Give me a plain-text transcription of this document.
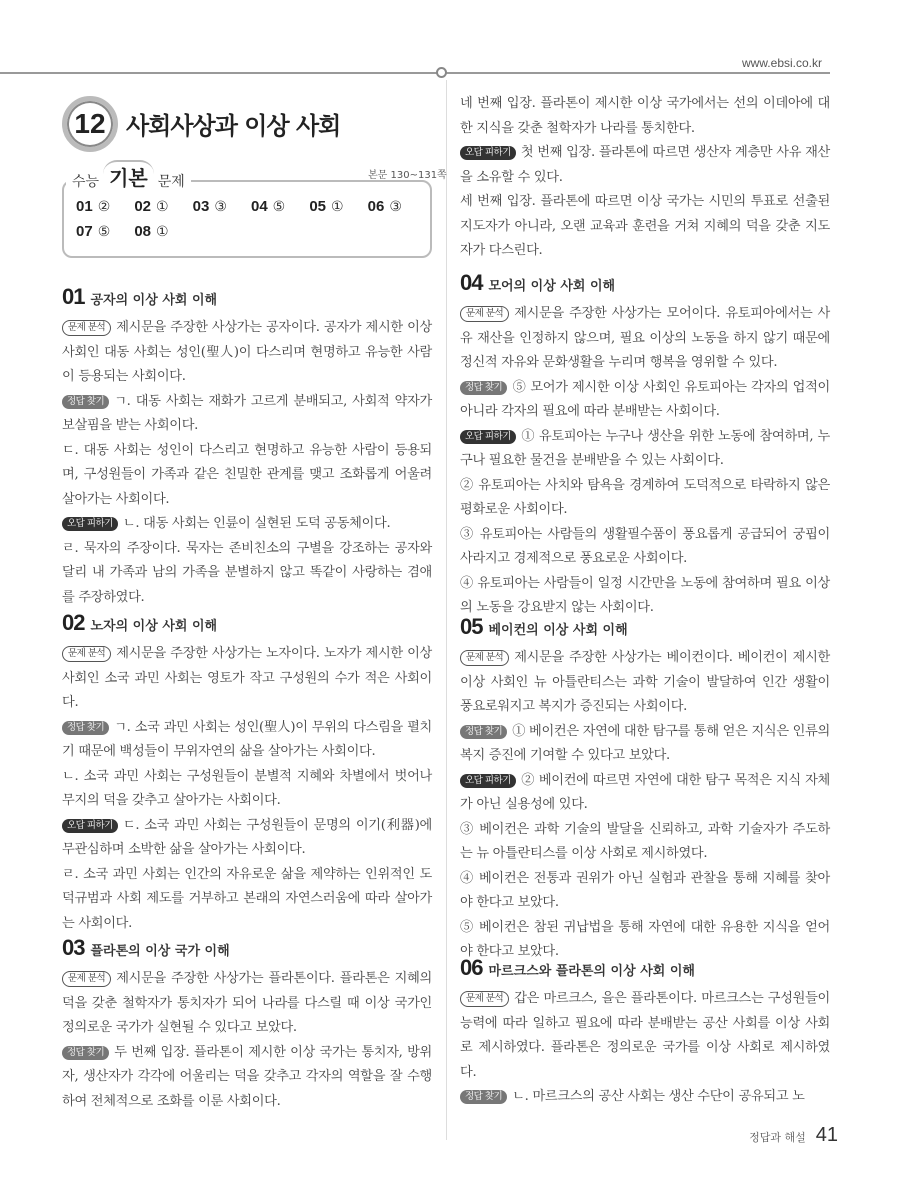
www.ebsi.co.kr
12 사회사상과 이상 사회
수능 기본 문제	본문 130~131쪽
01 ②	02 ①	03 ③	04 ⑤	05 ①	06 ③
07 ⑤	08 ①
01 공자의 이상 사회 이해
문제 분석 제시문을 주장한 사상가는 공자이다. 공자가 제시한 이상 사회인 대동 사회는 성인(聖人)이 다스리며 현명하고 유능한 사람이 등용되는 사회이다.
정답 찾기 ㄱ. 대동 사회는 재화가 고르게 분배되고, 사회적 약자가 보살핌을 받는 사회이다.
ㄷ. 대동 사회는 성인이 다스리고 현명하고 유능한 사람이 등용되며, 구성원들이 가족과 같은 친밀한 관계를 맺고 조화롭게 어울려 살아가는 사회이다.
오답 피하기 ㄴ. 대동 사회는 인륜이 실현된 도덕 공동체이다.
ㄹ. 묵자의 주장이다. 묵자는 존비친소의 구별을 강조하는 공자와 달리 내 가족과 남의 가족을 분별하지 않고 똑같이 사랑하는 겸애를 주장하였다.
02 노자의 이상 사회 이해
문제 분석 제시문을 주장한 사상가는 노자이다. 노자가 제시한 이상 사회인 소국 과민 사회는 영토가 작고 구성원의 수가 적은 사회이다.
정답 찾기 ㄱ. 소국 과민 사회는 성인(聖人)이 무위의 다스림을 펼치기 때문에 백성들이 무위자연의 삶을 살아가는 사회이다.
ㄴ. 소국 과민 사회는 구성원들이 분별적 지혜와 차별에서 벗어나 무지의 덕을 갖추고 살아가는 사회이다.
오답 피하기 ㄷ. 소국 과민 사회는 구성원들이 문명의 이기(利器)에 무관심하며 소박한 삶을 살아가는 사회이다.
ㄹ. 소국 과민 사회는 인간의 자유로운 삶을 제약하는 인위적인 도덕규범과 사회 제도를 거부하고 본래의 자연스러움에 따라 살아가는 사회이다.
03 플라톤의 이상 국가 이해
문제 분석 제시문을 주장한 사상가는 플라톤이다. 플라톤은 지혜의 덕을 갖춘 철학자가 통치자가 되어 나라를 다스릴 때 이상 국가인 정의로운 국가가 실현될 수 있다고 보았다.
정답 찾기 두 번째 입장. 플라톤이 제시한 이상 국가는 통치자, 방위자, 생산자가 각각에 어울리는 덕을 갖추고 각자의 역할을 잘 수행하여 전체적으로 조화를 이룬 사회이다.
네 번째 입장. 플라톤이 제시한 이상 국가에서는 선의 이데아에 대한 지식을 갖춘 철학자가 나라를 통치한다.
오답 피하기 첫 번째 입장. 플라톤에 따르면 생산자 계층만 사유 재산을 소유할 수 있다.
세 번째 입장. 플라톤에 따르면 이상 국가는 시민의 투표로 선출된 지도자가 아니라, 오랜 교육과 훈련을 거쳐 지혜의 덕을 갖춘 지도자가 다스린다.
04 모어의 이상 사회 이해
문제 분석 제시문을 주장한 사상가는 모어이다. 유토피아에서는 사유 재산을 인정하지 않으며, 필요 이상의 노동을 하지 않기 때문에 정신적 자유와 문화생활을 누리며 행복을 영위할 수 있다.
정답 찾기 ⑤ 모어가 제시한 이상 사회인 유토피아는 각자의 업적이 아니라 각자의 필요에 따라 분배받는 사회이다.
오답 피하기 ① 유토피아는 누구나 생산을 위한 노동에 참여하며, 누구나 필요한 물건을 분배받을 수 있는 사회이다.
② 유토피아는 사치와 탐욕을 경계하여 도덕적으로 타락하지 않은 평화로운 사회이다.
③ 유토피아는 사람들의 생활필수품이 풍요롭게 공급되어 궁핍이 사라지고 경제적으로 풍요로운 사회이다.
④ 유토피아는 사람들이 일정 시간만을 노동에 참여하며 필요 이상의 노동을 강요받지 않는 사회이다.
05 베이컨의 이상 사회 이해
문제 분석 제시문을 주장한 사상가는 베이컨이다. 베이컨이 제시한 이상 사회인 뉴 아틀란티스는 과학 기술이 발달하여 인간 생활이 풍요로워지고 복지가 증진되는 사회이다.
정답 찾기 ① 베이컨은 자연에 대한 탐구를 통해 얻은 지식은 인류의 복지 증진에 기여할 수 있다고 보았다.
오답 피하기 ② 베이컨에 따르면 자연에 대한 탐구 목적은 지식 자체가 아닌 실용성에 있다.
③ 베이컨은 과학 기술의 발달을 신뢰하고, 과학 기술자가 주도하는 뉴 아틀란티스를 이상 사회로 제시하였다.
④ 베이컨은 전통과 권위가 아닌 실험과 관찰을 통해 지혜를 찾아야 한다고 보았다.
⑤ 베이컨은 참된 귀납법을 통해 자연에 대한 유용한 지식을 얻어야 한다고 보았다.
06 마르크스와 플라톤의 이상 사회 이해
문제 분석 갑은 마르크스, 을은 플라톤이다. 마르크스는 구성원들이 능력에 따라 일하고 필요에 따라 분배받는 공산 사회를 이상 사회로 제시하였다. 플라톤은 정의로운 국가를 이상 사회로 제시하였다.
정답 찾기 ㄴ. 마르크스의 공산 사회는 생산 수단이 공유되고 노
정답과 해설 41
